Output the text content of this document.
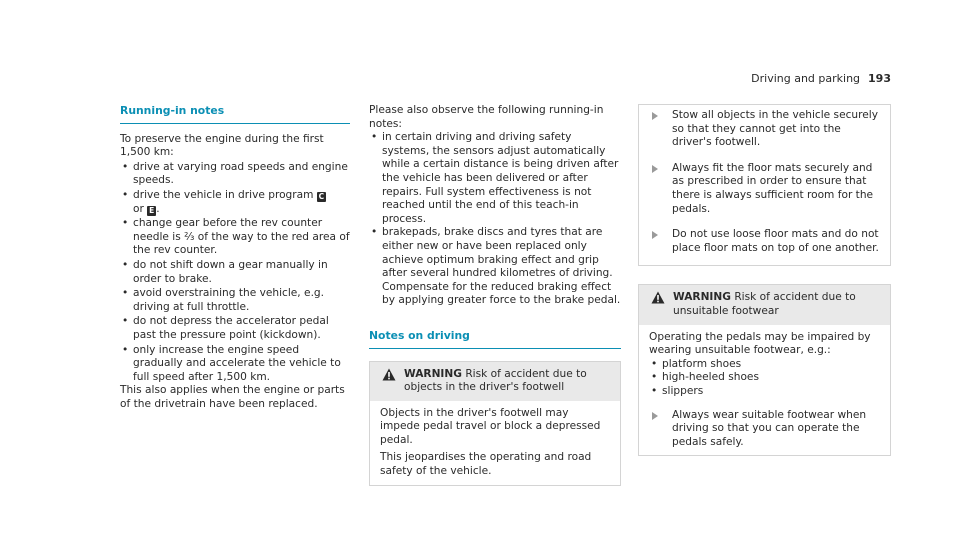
Driving and parking 193
Running-in notes

To preserve the engine during the first 1,500 km:

• drive at varying road speeds and engine speeds.
• drive the vehicle in drive program C
or E .
• change gear before the rev counter needle is ⅔ of the way to the red area of the rev counter.
• do not shift down a gear manually in order to brake.
• avoid overstraining the vehicle, e.g. driving at full throttle.
• do not depress the accelerator pedal past the pressure point (kickdown).
• only increase the engine speed gradually and accelerate the vehicle to full speed after 1,500 km.

This also applies when the engine or parts of the drivetrain have been replaced.

Please also observe the following running-in notes:

• in certain driving and driving safety systems, the sensors adjust automatically while a certain distance is being driven after the vehicle has been delivered or after repairs. Full system effectiveness is not reached until the end of this teach-in process.
• brakepads, brake discs and tyres that are either new or have been replaced only achieve optimum braking effect and grip after several hundred kilometres of driving. Compensate for the reduced braking effect by applying greater force to the brake pedal.
Notes on driving
WARNING Risk of accident due to objects in the driver's footwell

Objects in the driver's footwell may impede pedal travel or block a depressed pedal.

This jeopardises the operating and road safety of the vehicle.

Stow all objects in the vehicle securely so that they cannot get into the driver's footwell.
Always fit the floor mats securely and as prescribed in order to ensure that there is always sufficient room for the pedals.
Do not use loose floor mats and do not place floor mats on top of one another.
WARNING Risk of accident due to unsuitable footwear

Operating the pedals may be impaired by wearing unsuitable footwear, e.g.:

• platform shoes
• high-heeled shoes
• slippers
Always wear suitable footwear when driving so that you can operate the pedals safely.
